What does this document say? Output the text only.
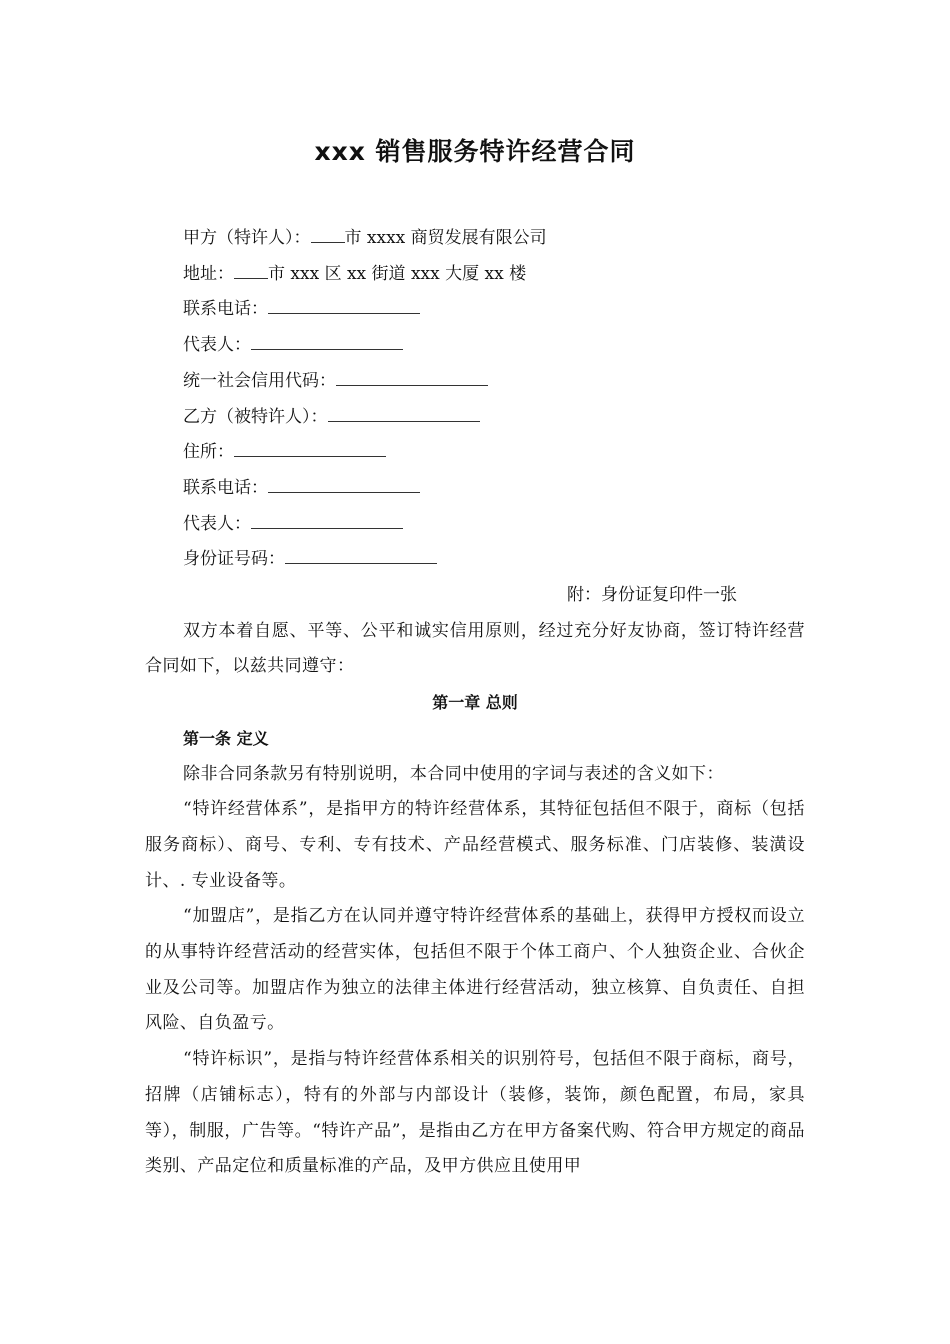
xxx 销售服务特许经营合同

甲方（特许人）： 市 xxxx 商贸发展有限公司

地址： 市 xxx 区 xx 街道 xxx 大厦 xx 楼

联系电话：

代表人：

统一社会信用代码：

乙方（被特许人）：

住所：

联系电话：

代表人：

身份证号码：

附：身份证复印件一张

双方本着自愿、平等、公平和诚实信用原则，经过充分好友协商，签订特许经营合同如下，以兹共同遵守：

第一章 总则

第一条 定义

除非合同条款另有特别说明，本合同中使用的字词与表述的含义如下：

“特许经营体系”，是指甲方的特许经营体系，其特征包括但不限于，商标（包括服务商标）、商号、专利、专有技术、产品经营模式、服务标准、门店装修、装潢设计、. 专业设备等。

“加盟店”，是指乙方在认同并遵守特许经营体系的基础上，获得甲方授权而设立的从事特许经营活动的经营实体，包括但不限于个体工商户、个人独资企业、合伙企业及公司等。加盟店作为独立的法律主体进行经营活动，独立核算、自负责任、自担风险、自负盈亏。

“特许标识”，是指与特许经营体系相关的识别符号，包括但不限于商标，商号，招牌（店铺标志），特有的外部与内部设计（装修，装饰，颜色配置，布局，家具等），制服，广告等。“特许产品”，是指由乙方在甲方备案代购、符合甲方规定的商品类别、产品定位和质量标准的产品，及甲方供应且使用甲
